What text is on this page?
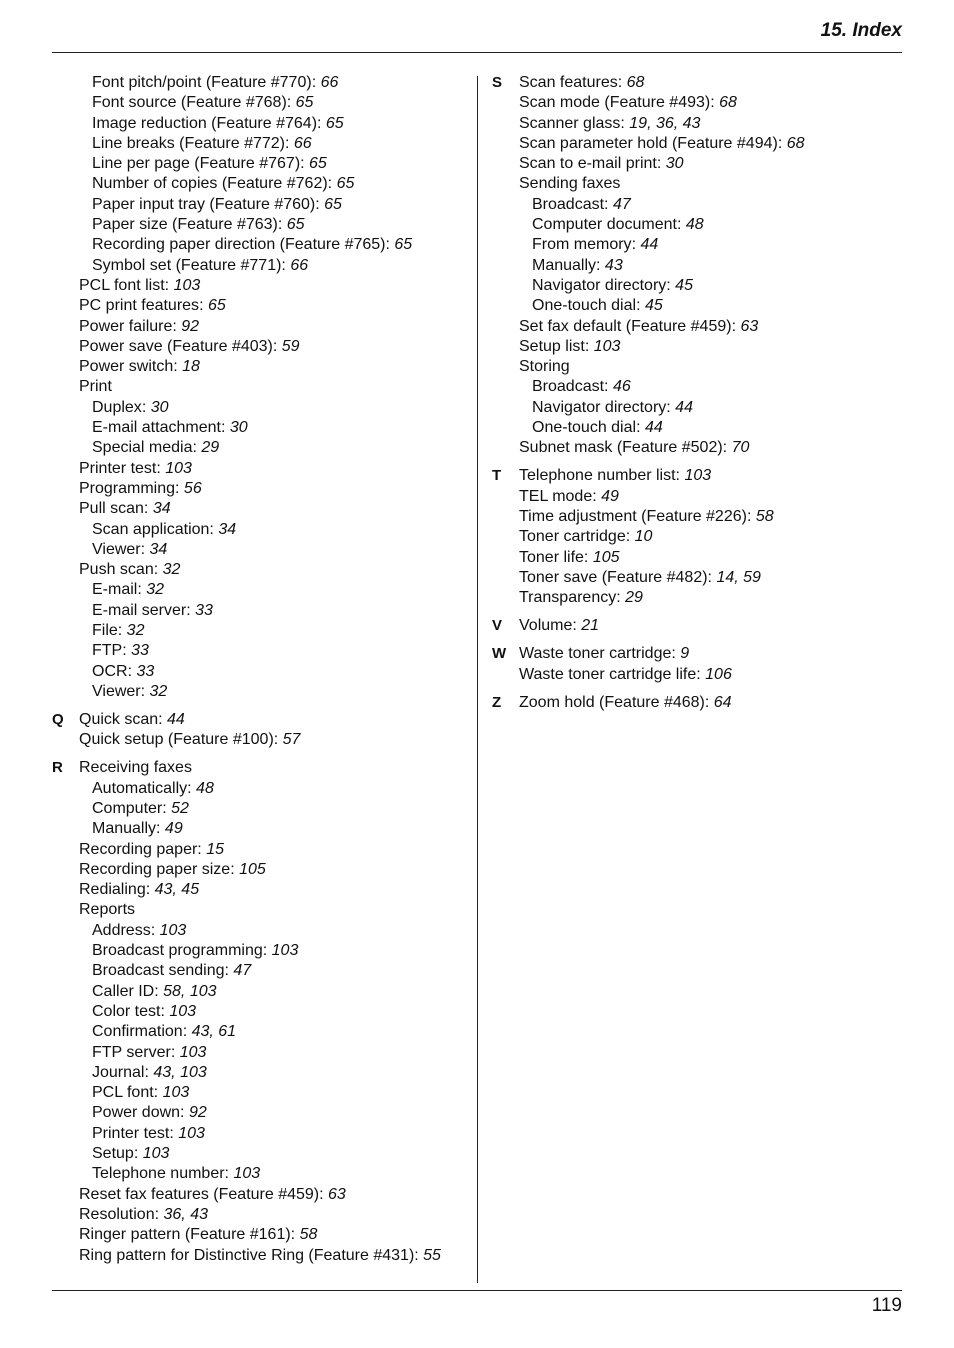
15. Index
Font pitch/point (Feature #770): 66
Font source (Feature #768): 65
Image reduction (Feature #764): 65
Line breaks (Feature #772): 66
Line per page (Feature #767): 65
Number of copies (Feature #762): 65
Paper input tray (Feature #760): 65
Paper size (Feature #763): 65
Recording paper direction (Feature #765): 65
Symbol set (Feature #771): 66
PCL font list: 103
PC print features: 65
Power failure: 92
Power save (Feature #403): 59
Power switch: 18
Print
Duplex: 30
E-mail attachment: 30
Special media: 29
Printer test: 103
Programming: 56
Pull scan: 34
Scan application: 34
Viewer: 34
Push scan: 32
E-mail: 32
E-mail server: 33
File: 32
FTP: 33
OCR: 33
Viewer: 32
Q Quick scan: 44
Quick setup (Feature #100): 57
R	Receiving faxes
Automatically: 48
Computer: 52
Manually: 49
Recording paper: 15
Recording paper size: 105
Redialing: 43, 45
Reports
Address: 103
Broadcast programming: 103
Broadcast sending: 47
Caller ID: 58, 103
Color test: 103
Confirmation: 43, 61
FTP server: 103
Journal: 43, 103
PCL font: 103
Power down: 92
Printer test: 103
Setup: 103
Telephone number: 103
Reset fax features (Feature #459): 63
Resolution: 36, 43
Ringer pattern (Feature #161): 58
Ring pattern for Distinctive Ring (Feature #431): 55
S	Scan features: 68
Scan mode (Feature #493): 68
Scanner glass: 19, 36, 43
Scan parameter hold (Feature #494): 68
Scan to e-mail print: 30
Sending faxes
Broadcast: 47
Computer document: 48
From memory: 44
Manually: 43
Navigator directory: 45
One-touch dial: 45
Set fax default (Feature #459): 63
Setup list: 103
Storing
Broadcast: 46
Navigator directory: 44
One-touch dial: 44
Subnet mask (Feature #502): 70
T	Telephone number list: 103
TEL mode: 49
Time adjustment (Feature #226): 58
Toner cartridge: 10
Toner life: 105
Toner save (Feature #482): 14, 59
Transparency: 29
V	Volume: 21
W Waste toner cartridge: 9
Waste toner cartridge life: 106
Z	Zoom hold (Feature #468): 64
119
